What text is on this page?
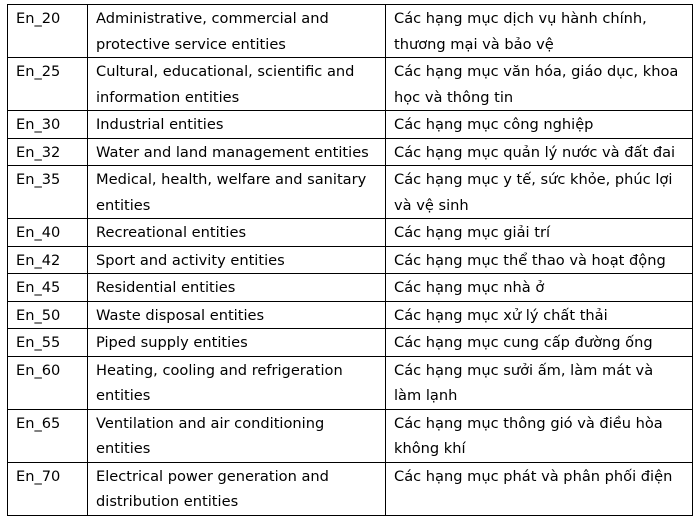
En_20	Administrative, commercial and protective service entities	Các hạng mục dịch vụ hành chính, thương mại và bảo vệ
En_25	Cultural, educational, scientific and information entities	Các hạng mục văn hóa, giáo dục, khoa học và thông tin
En_30	Industrial entities	Các hạng mục công nghiệp
En_32	Water and land management entities	Các hạng mục quản lý nước và đất đai
En_35	Medical, health, welfare and sanitary entities	Các hạng mục y tế, sức khỏe, phúc lợi và vệ sinh
En_40	Recreational entities	Các hạng mục giải trí
En_42	Sport and activity entities	Các hạng mục thể thao và hoạt động
En_45	Residential entities	Các hạng mục nhà ở
En_50	Waste disposal entities	Các hạng mục xử lý chất thải
En_55	Piped supply entities	Các hạng mục cung cấp đường ống
En_60	Heating, cooling and refrigeration entities	Các hạng mục sưởi ấm, làm mát và làm lạnh
En_65	Ventilation and air conditioning entities	Các hạng mục thông gió và điều hòa không khí
En_70	Electrical power generation and distribution entities	Các hạng mục phát và phân phối điện
